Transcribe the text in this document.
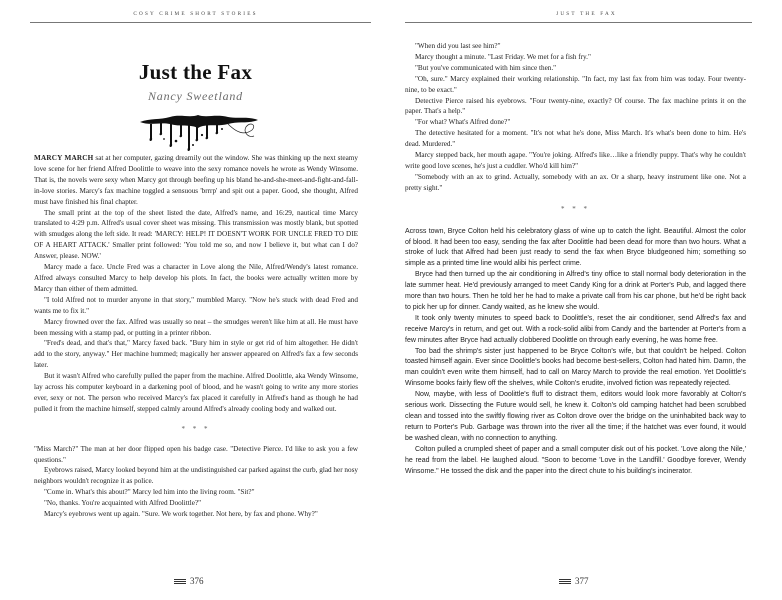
COSY CRIME SHORT STORIES
Just the Fax
Nancy Sweetland

MARCY MARCH sat at her computer, gazing dreamily out the window. She was thinking up the next steamy love scene for her friend Alfred Doolittle to weave into the sexy romance novels he wrote as Wendy Winsome. That is, the novels were sexy when Marcy got through beefing up his bland he-and-she-meet-and-fight-and-fall-in-love stories. Marcy's fax machine toggled a sensuous 'brrrp' and spit out a paper. Good, she thought, Alfred must have finished his final chapter.

The small print at the top of the sheet listed the date, Alfred's name, and 16:29, nautical time Marcy translated to 4:29 p.m. Alfred's usual cover sheet was missing. This transmission was mostly blank, but spotted with smudges along the left side. It read: 'MARCY: HELP! IT DOESN'T WORK FOR UNCLE FRED TO DIE OF A HEART ATTACK.' Smaller print followed: 'You told me so, and now I believe it, but what can I do? Answer, please. NOW.'

Marcy made a face. Uncle Fred was a character in Love along the Nile, Alfred/Wendy's latest romance. Alfred always consulted Marcy to help develop his plots. In fact, the books were actually written more by Marcy than either of them admitted.

"I told Alfred not to murder anyone in that story," mumbled Marcy. "Now he's stuck with dead Fred and wants me to fix it."

Marcy frowned over the fax. Alfred was usually so neat – the smudges weren't like him at all. He must have been messing with a stamp pad, or putting in a printer ribbon.

"Fred's dead, and that's that," Marcy faxed back. "Bury him in style or get rid of him altogether. He didn't add to the story, anyway." Her machine hummed; magically her answer appeared on Alfred's fax a few seconds later.

But it wasn't Alfred who carefully pulled the paper from the machine. Alfred Doolittle, aka Wendy Winsome, lay across his computer keyboard in a darkening pool of blood, and he wasn't going to write any more stories ever, sexy or not. The person who received Marcy's fax placed it carefully in Alfred's hand as though he had pulled it from the machine himself, stepped calmly around Alfred's already cooling body and walked out.

* * *

"Miss March?" The man at her door flipped open his badge case. "Detective Pierce. I'd like to ask you a few questions."

Eyebrows raised, Marcy looked beyond him at the undistinguished car parked against the curb, glad her nosy neighbors wouldn't recognize it as police.

"Come in. What's this about?" Marcy led him into the living room. "Sit?"

"No, thanks. You're acquainted with Alfred Doolittle?"

Marcy's eyebrows went up again. "Sure. We work together. Not here, by fax and phone. Why?"

376
JUST THE FAX

"When did you last see him?"

Marcy thought a minute. "Last Friday. We met for a fish fry."

"But you've communicated with him since then."

"Oh, sure." Marcy explained their working relationship. "In fact, my last fax from him was today. Four twenty-nine, to be exact."

Detective Pierce raised his eyebrows. "Four twenty-nine, exactly? Of course. The fax machine prints it on the paper. That's a help."

"For what? What's Alfred done?"

The detective hesitated for a moment. "It's not what he's done, Miss March. It's what's been done to him. He's dead. Murdered."

Marcy stepped back, her mouth agape. "You're joking. Alfred's like…like a friendly puppy. That's why he couldn't write good love scenes, he's just a cuddler. Who'd kill him?"

"Somebody with an ax to grind. Actually, somebody with an ax. Or a sharp, heavy instrument like one. Not a pretty sight."

* * *

Across town, Bryce Colton held his celebratory glass of wine up to catch the light. Beautiful. Almost the color of blood. It had been too easy, sending the fax after Doolittle had been dead for more than two hours. What a stroke of luck that Alfred had been just ready to send the fax when Bryce bludgeoned him; something so simple as a printed time line would alibi his perfect crime.

Bryce had then turned up the air conditioning in Alfred's tiny office to stall normal body deterioration in the late summer heat. He'd previously arranged to meet Candy King for a drink at Porter's Pub, and lagged there more than two hours. Then he told her he had to make a private call from his car phone, but he'd be right back to pick her up for dinner. Candy waited, as he knew she would.

It took only twenty minutes to speed back to Doolittle's, reset the air conditioner, send Alfred's fax and receive Marcy's in return, and get out. With a rock-solid alibi from Candy and the bartender at Porter's from a few minutes after Bryce had actually clobbered Doolittle on through early evening, he was home free.

Too bad the shrimp's sister just happened to be Bryce Colton's wife, but that couldn't be helped. Colton toasted himself again. Ever since Doolittle's books had become best-sellers, Colton had hated him. Damn, the man couldn't even write them himself, had to call on Marcy March to provide the real emotion. Yet Doolittle's Winsome books fairly flew off the shelves, while Colton's erudite, involved fiction was repeatedly rejected.

Now, maybe, with less of Doolittle's fluff to distract them, editors would look more favorably at Colton's serious work. Dissecting the Future would sell, he knew it. Colton's old camping hatchet had been scrubbed clean and tossed into the swiftly flowing river as Colton drove over the bridge on the uninhabited back way to return to Porter's Pub. Garbage was thrown into the river all the time; if the hatchet was ever found, it would be washed clean, with no connection to anything.

Colton pulled a crumpled sheet of paper and a small computer disk out of his pocket. 'Love along the Nile,' he read from the label. He laughed aloud. "Soon to become 'Love in the Landfill.' Goodbye forever, Wendy Winsome." He tossed the disk and the paper into the direct chute to his building's incinerator.

377
